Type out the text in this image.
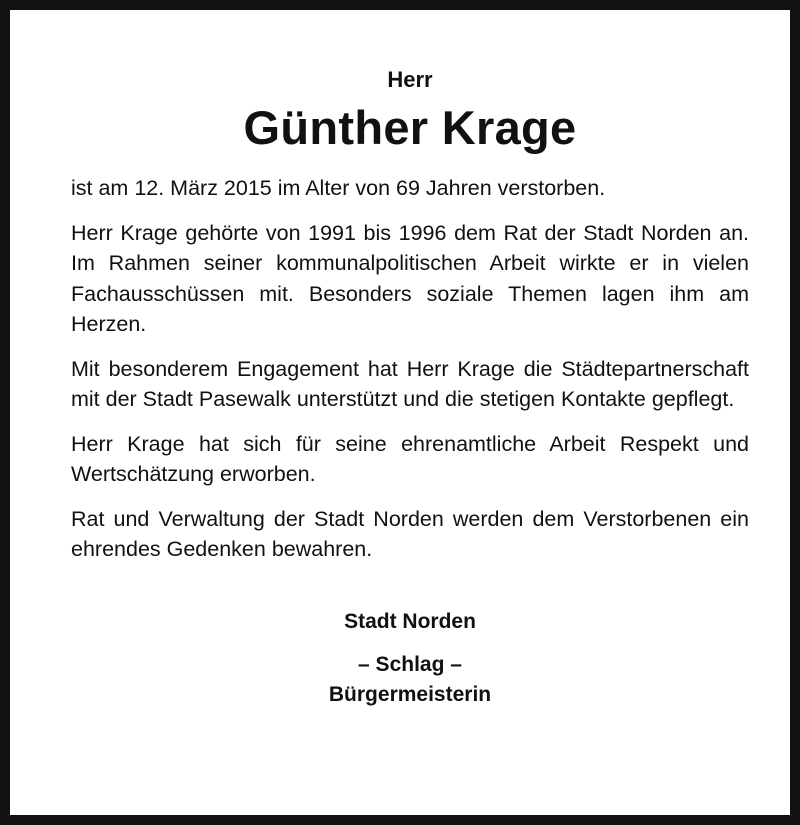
Herr

Günther Krage

ist am 12. März 2015 im Alter von 69 Jahren verstorben.

Herr Krage gehörte von 1991 bis 1996 dem Rat der Stadt Norden an. Im Rahmen seiner kommunalpolitischen Arbeit wirkte er in vielen Fachausschüssen mit. Besonders soziale Themen lagen ihm am Herzen.

Mit besonderem Engagement hat Herr Krage die Städtepartnerschaft mit der Stadt Pasewalk unterstützt und die stetigen Kontakte gepflegt.

Herr Krage hat sich für seine ehrenamtliche Arbeit Respekt und Wertschätzung erworben.

Rat und Verwaltung der Stadt Norden werden dem Verstorbenen ein ehrendes Gedenken bewahren.

Stadt Norden

– Schlag –

Bürgermeisterin
